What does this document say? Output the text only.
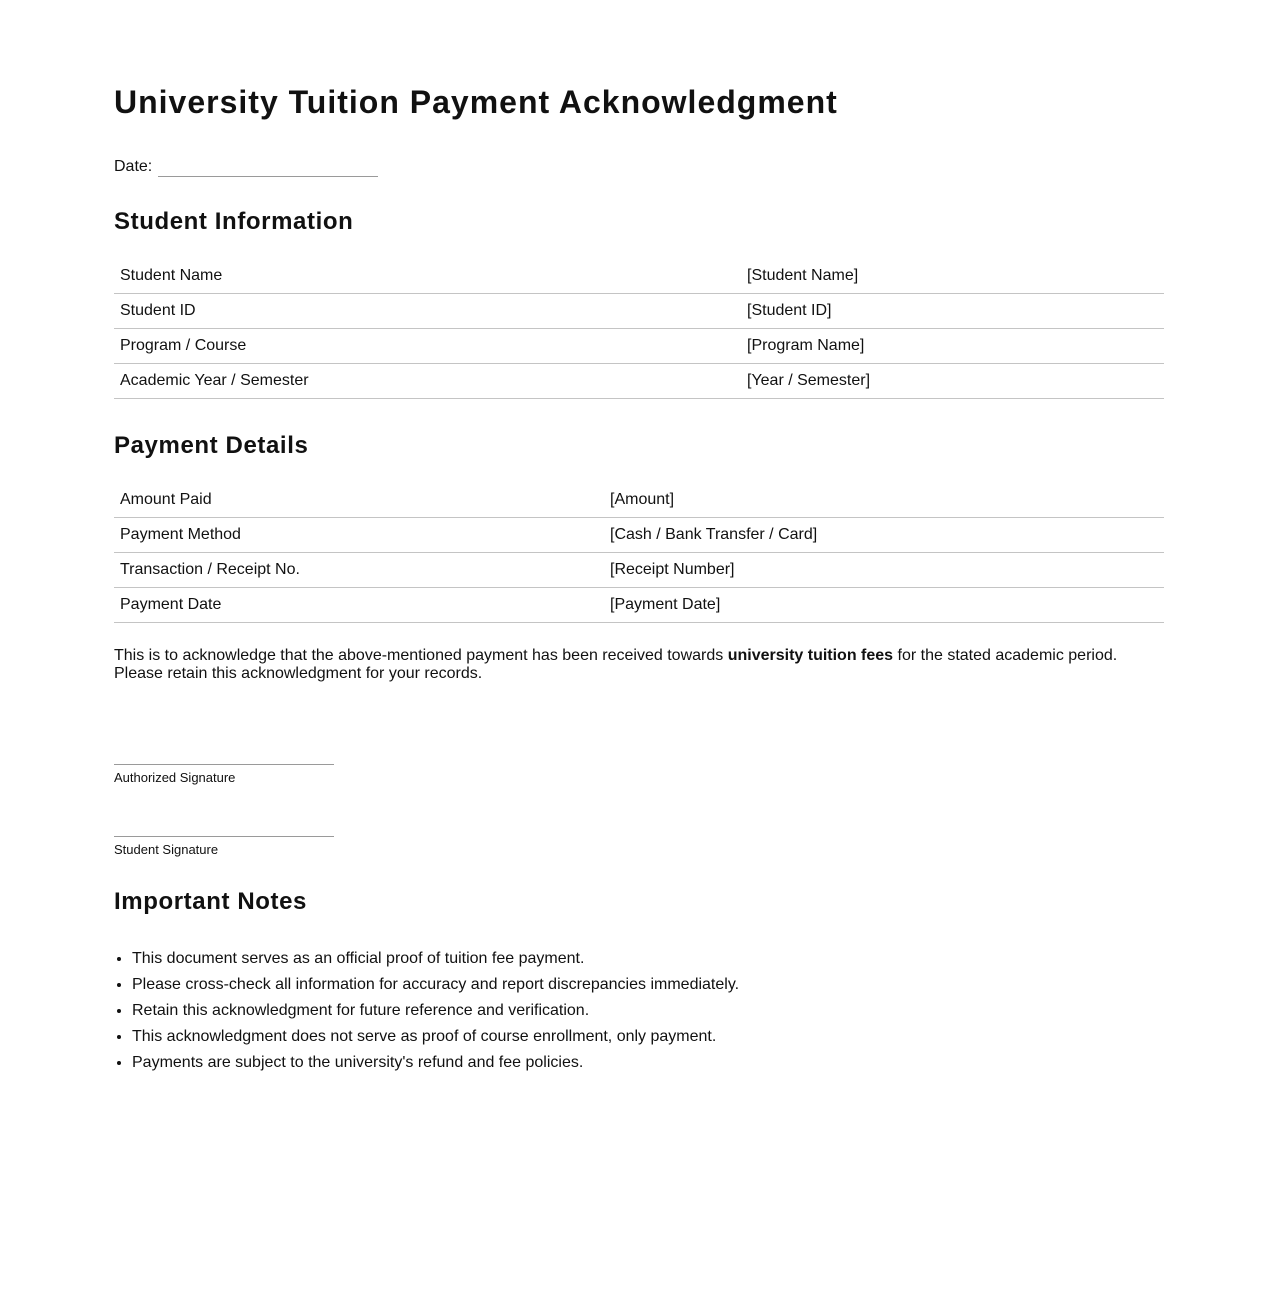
University Tuition Payment Acknowledgment
Date:
Student Information
Student Name	[Student Name]
Student ID	[Student ID]
Program / Course	[Program Name]
Academic Year / Semester	[Year / Semester]
Payment Details
Amount Paid	[Amount]
Payment Method	[Cash / Bank Transfer / Card]
Transaction / Receipt No.	[Receipt Number]
Payment Date	[Payment Date]

This is to acknowledge that the above-mentioned payment has been received towards university tuition fees for the stated academic period.
Please retain this acknowledgment for your records.

Authorized Signature
Student Signature
Important Notes
• This document serves as an official proof of tuition fee payment.
• Please cross-check all information for accuracy and report discrepancies immediately.
• Retain this acknowledgment for future reference and verification.
• This acknowledgment does not serve as proof of course enrollment, only payment.
• Payments are subject to the university's refund and fee policies.
